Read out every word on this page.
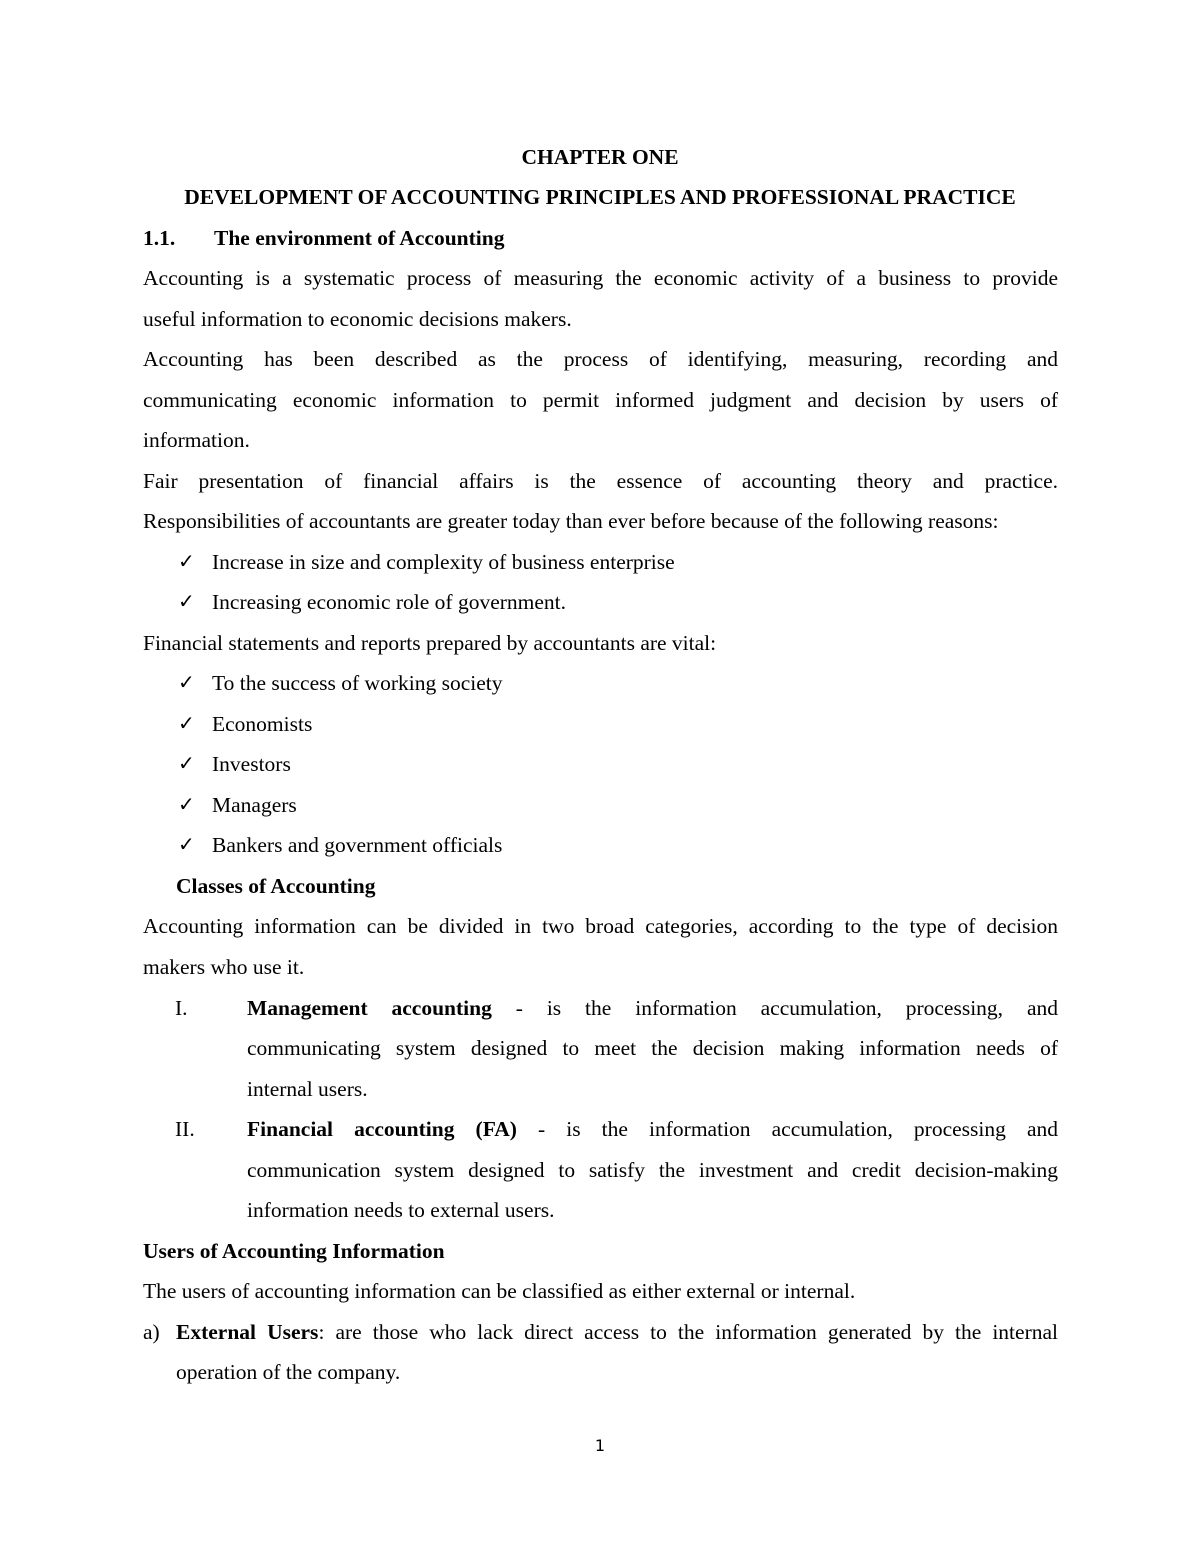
CHAPTER ONE
DEVELOPMENT OF ACCOUNTING PRINCIPLES AND PROFESSIONAL PRACTICE
1.1. The environment of Accounting
Accounting is a systematic process of measuring the economic activity of a business to provide
useful information to economic decisions makers.
Accounting has been described as the process of identifying, measuring, recording and
communicating economic information to permit informed judgment and decision by users of
information.
Fair presentation of financial affairs is the essence of accounting theory and practice.
Responsibilities of accountants are greater today than ever before because of the following reasons:
✓ Increase in size and complexity of business enterprise
✓ Increasing economic role of government.
Financial statements and reports prepared by accountants are vital:
✓ To the success of working society
✓ Economists
✓ Investors
✓ Managers
✓ Bankers and government officials
Classes of Accounting
Accounting information can be divided in two broad categories, according to the type of decision
makers who use it.
I.	Management accounting - is the information accumulation, processing, and
communicating system designed to meet the decision making information needs of
internal users.
II. Financial accounting (FA) - is the information accumulation, processing and
communication system designed to satisfy the investment and credit decision-making
information needs to external users.
Users of Accounting Information
The users of accounting information can be classified as either external or internal.
a) External Users: are those who lack direct access to the information generated by the internal
operation of the company.
1
